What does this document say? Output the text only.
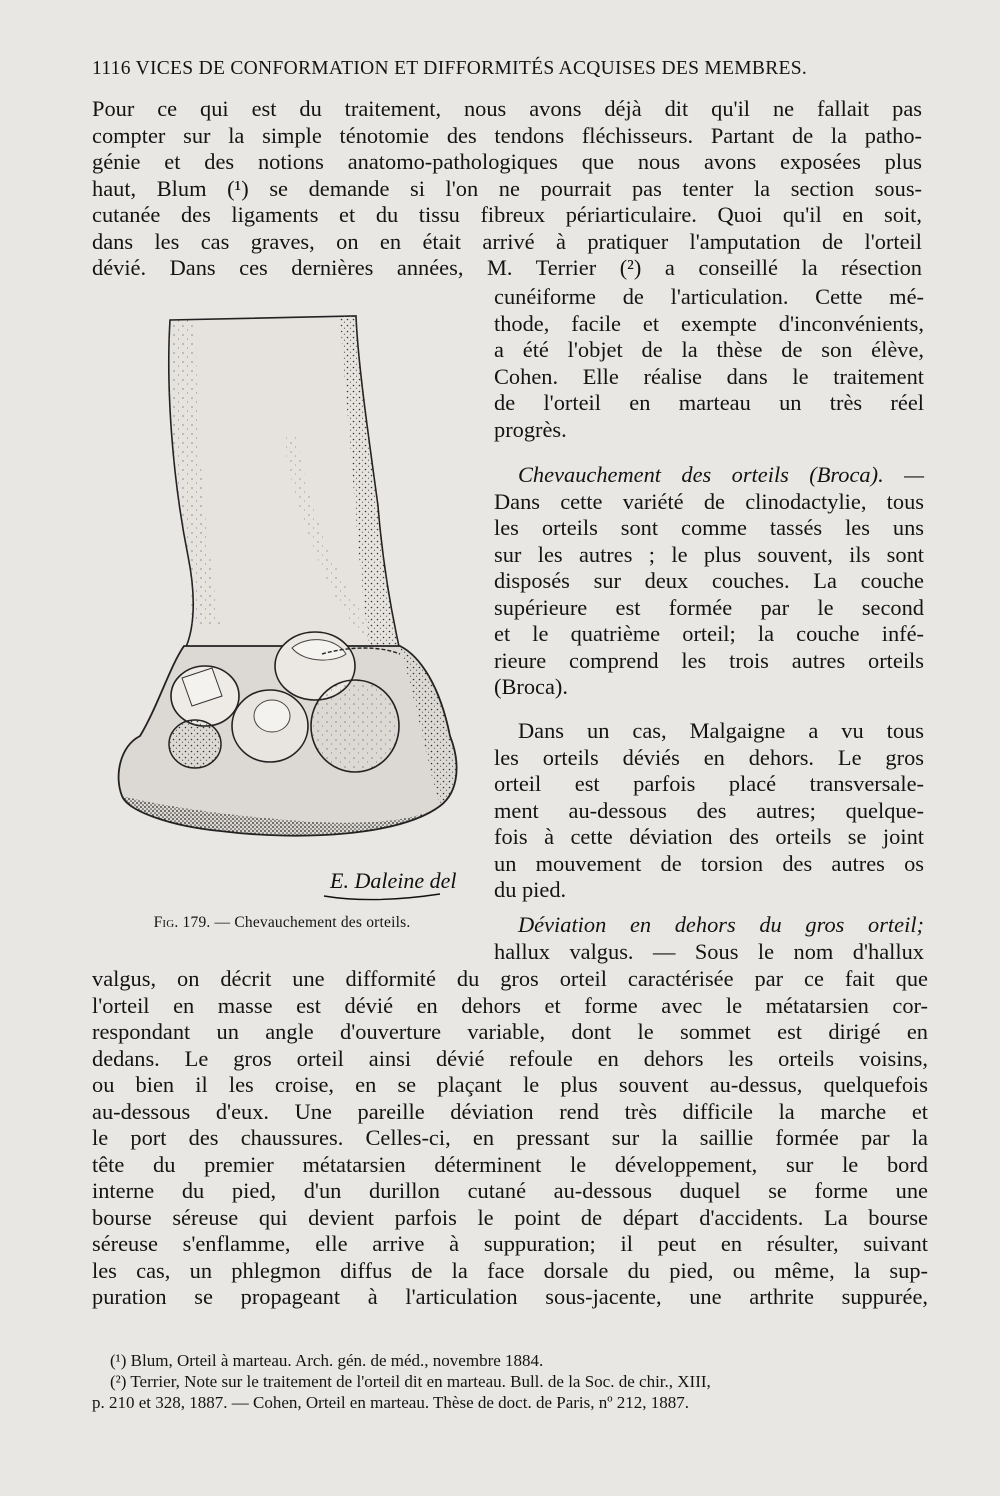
1116 VICES DE CONFORMATION ET DIFFORMITÉS ACQUISES DES MEMBRES.
Pour ce qui est du traitement, nous avons déjà dit qu'il ne fallait pas
compter sur la simple ténotomie des tendons fléchisseurs. Partant de la patho-
génie et des notions anatomo-pathologiques que nous avons exposées plus
haut, Blum (¹) se demande si l'on ne pourrait pas tenter la section sous-
cutanée des ligaments et du tissu fibreux périarticulaire. Quoi qu'il en soit,
dans les cas graves, on en était arrivé à pratiquer l'amputation de l'orteil
dévié. Dans ces dernières années, M. Terrier (²) a conseillé la résection
cunéiforme de l'articulation. Cette mé-
thode, facile et exempte d'inconvénients,
a été l'objet de la thèse de son élève,
Cohen. Elle réalise dans le traitement
de l'orteil en marteau un très réel
progrès.
Chevauchement des orteils (Broca). —
Dans cette variété de clinodactylie, tous
les orteils sont comme tassés les uns
sur les autres ; le plus souvent, ils sont
disposés sur deux couches. La couche
supérieure est formée par le second
et le quatrième orteil; la couche infé-
rieure comprend les trois autres orteils
(Broca).
Dans un cas, Malgaigne a vu tous
les orteils déviés en dehors. Le gros
orteil est parfois placé transversale-
ment au-dessous des autres; quelque-
fois à cette déviation des orteils se joint
un mouvement de torsion des autres os
du pied.
Déviation en dehors du gros orteil;
hallux valgus. — Sous le nom d'hallux
valgus, on décrit une difformité du gros orteil caractérisée par ce fait que
l'orteil en masse est dévié en dehors et forme avec le métatarsien cor-
respondant un angle d'ouverture variable, dont le sommet est dirigé en
dedans. Le gros orteil ainsi dévié refoule en dehors les orteils voisins,
ou bien il les croise, en se plaçant le plus souvent au-dessus, quelquefois
au-dessous d'eux. Une pareille déviation rend très difficile la marche et
le port des chaussures. Celles-ci, en pressant sur la saillie formée par la
tête du premier métatarsien déterminent le développement, sur le bord
interne du pied, d'un durillon cutané au-dessous duquel se forme une
bourse séreuse qui devient parfois le point de départ d'accidents. La bourse
séreuse s'enflamme, elle arrive à suppuration; il peut en résulter, suivant
les cas, un phlegmon diffus de la face dorsale du pied, ou même, la sup-
puration se propageant à l'articulation sous-jacente, une arthrite suppurée,
E. Daleine del
Fig. 179. — Chevauchement des orteils.
(¹) Blum, Orteil à marteau. Arch. gén. de méd., novembre 1884.
(²) Terrier, Note sur le traitement de l'orteil dit en marteau. Bull. de la Soc. de chir., XIII,
p. 210 et 328, 1887. — Cohen, Orteil en marteau. Thèse de doct. de Paris, nº 212, 1887.
